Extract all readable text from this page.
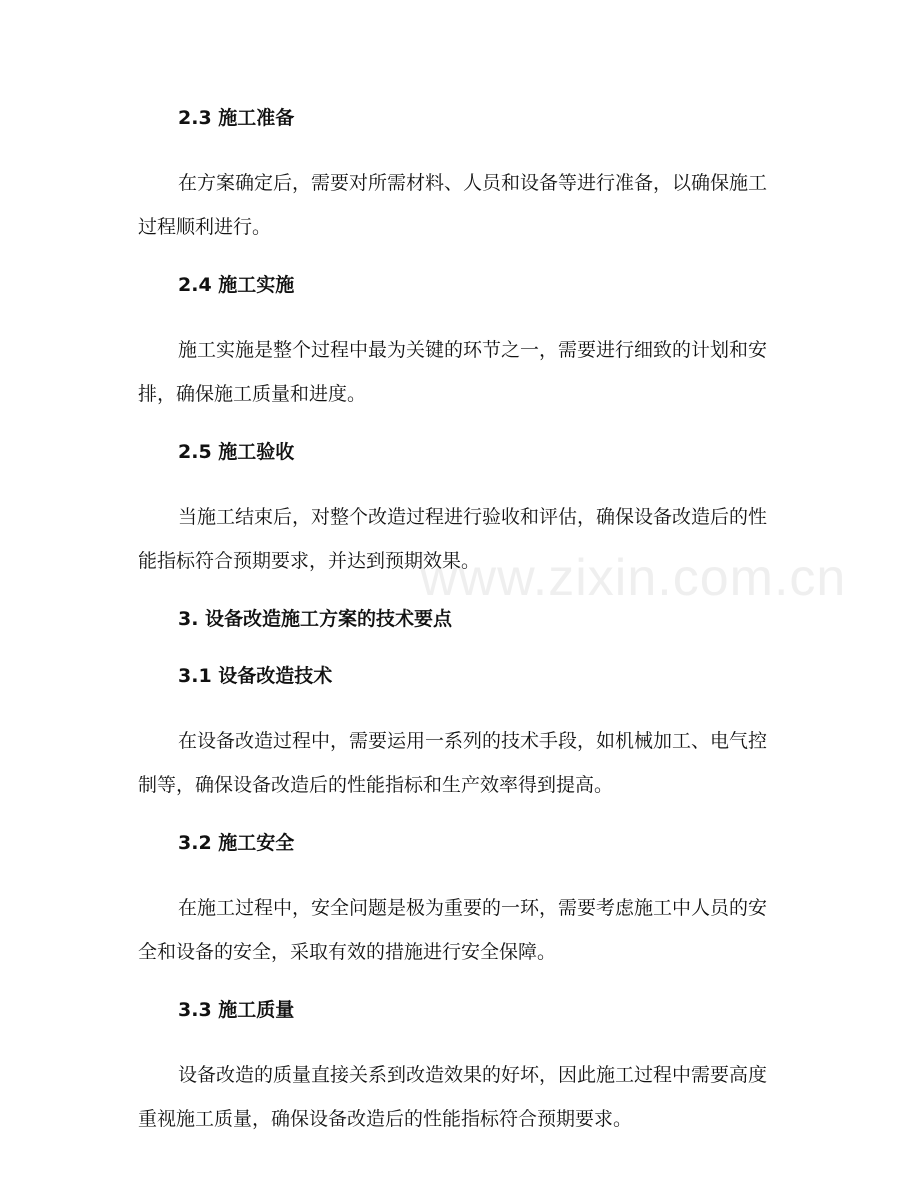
2.3 施工准备

在方案确定后，需要对所需材料、人员和设备等进行准备，以确保施工过程顺利进行。

2.4 施工实施

施工实施是整个过程中最为关键的环节之一，需要进行细致的计划和安排，确保施工质量和进度。

2.5 施工验收

当施工结束后，对整个改造过程进行验收和评估，确保设备改造后的性能指标符合预期要求，并达到预期效果。

3. 设备改造施工方案的技术要点
3.1 设备改造技术

在设备改造过程中，需要运用一系列的技术手段，如机械加工、电气控制等，确保设备改造后的性能指标和生产效率得到提高。

3.2 施工安全

在施工过程中，安全问题是极为重要的一环，需要考虑施工中人员的安全和设备的安全，采取有效的措施进行安全保障。

3.3 施工质量

设备改造的质量直接关系到改造效果的好坏，因此施工过程中需要高度重视施工质量，确保设备改造后的性能指标符合预期要求。

www.zixin.com.cn
